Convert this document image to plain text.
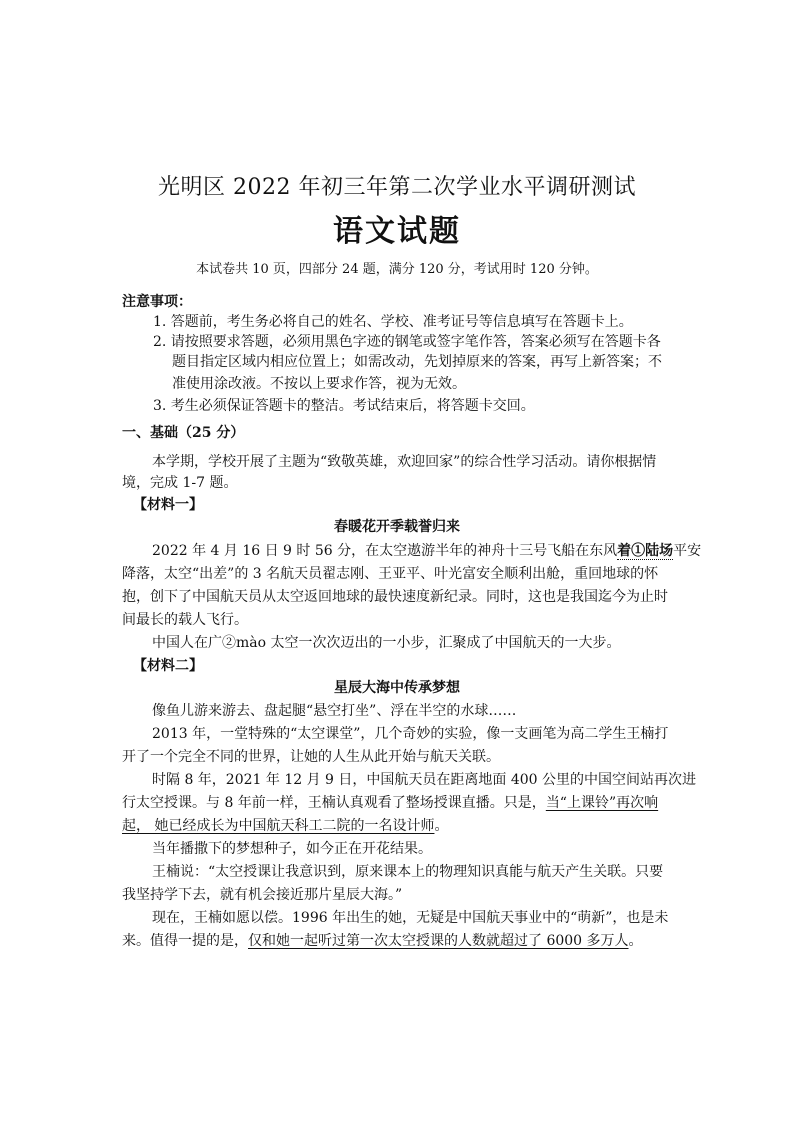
光明区 2022 年初三年第二次学业水平调研测试
语文试题
本试卷共 10 页，四部分 24 题，满分 120 分，考试用时 120 分钟。
注意事项：
1. 答题前，考生务必将自己的姓名、学校、准考证号等信息填写在答题卡上。
2. 请按照要求答题，必须用黑色字迹的钢笔或签字笔作答，答案必须写在答题卡各
题目指定区域内相应位置上；如需改动，先划掉原来的答案，再写上新答案；不
准使用涂改液。不按以上要求作答，视为无效。
3. 考生必须保证答题卡的整洁。考试结束后，将答题卡交回。
一、基础（25 分）
本学期，学校开展了主题为“致敬英雄，欢迎回家”的综合性学习活动。请你根据情
境，完成 1-7 题。
【材料一】
春暖花开季载誉归来
2022 年 4 月 16 日 9 时 56 分，在太空遨游半年的神舟十三号飞船在东风着①陆场平安
降落，太空“出差”的 3 名航天员翟志刚、王亚平、叶光富安全顺利出舱，重回地球的怀
抱，创下了中国航天员从太空返回地球的最快速度新纪录。同时，这也是我国迄今为止时
间最长的载人飞行。
中国人在广②mào 太空一次次迈出的一小步，汇聚成了中国航天的一大步。
【材料二】
星辰大海中传承梦想
像鱼儿游来游去、盘起腿“悬空打坐”、浮在半空的水球……
2013 年，一堂特殊的“太空课堂”，几个奇妙的实验，像一支画笔为高二学生王楠打
开了一个完全不同的世界，让她的人生从此开始与航天关联。
时隔 8 年，2021 年 12 月 9 日，中国航天员在距离地面 400 公里的中国空间站再次进
行太空授课。与 8 年前一样，王楠认真观看了整场授课直播。只是，当“上课铃”再次响
起， 她已经成长为中国航天科工二院的一名设计师。
当年播撒下的梦想种子，如今正在开花结果。
王楠说：“太空授课让我意识到，原来课本上的物理知识真能与航天产生关联。只要
我坚持学下去，就有机会接近那片星辰大海。”
现在，王楠如愿以偿。1996 年出生的她，无疑是中国航天事业中的“萌新”，也是未
来。值得一提的是，仅和她一起听过第一次太空授课的人数就超过了 6000 多万人。
